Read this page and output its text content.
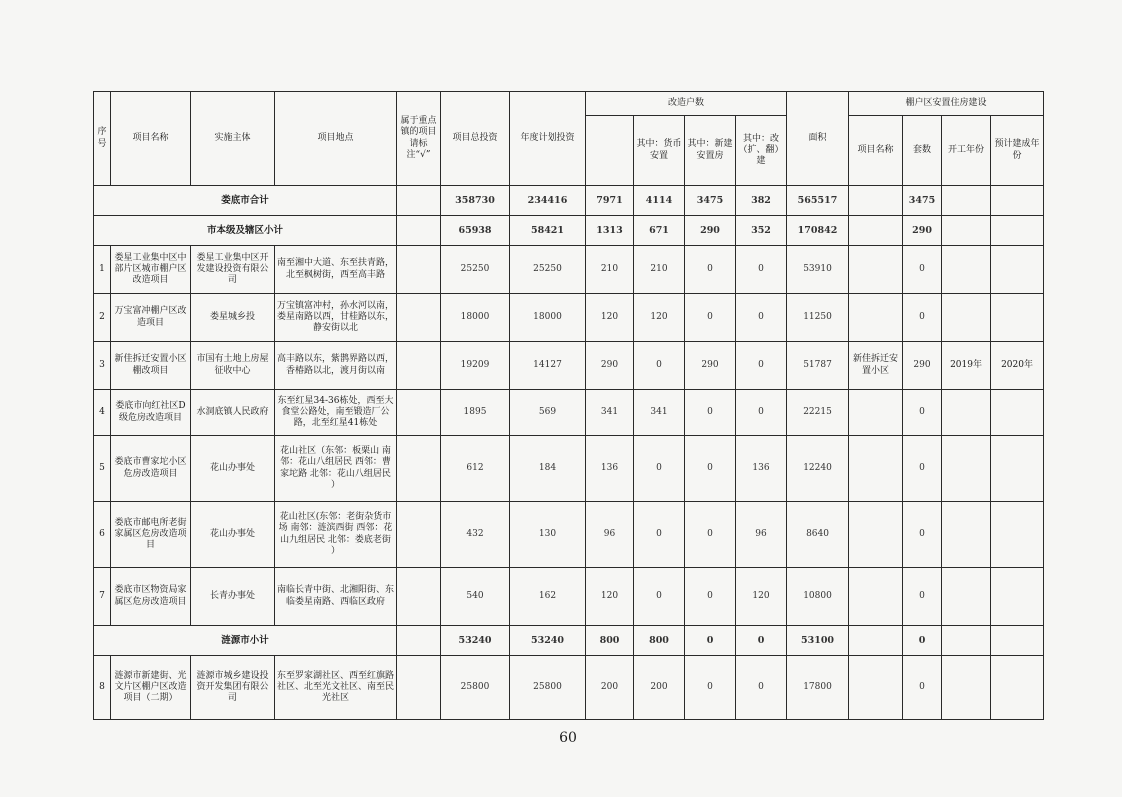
序号	项目名称	实施主体	项目地点	属于重点镇的项目请标注“√”	项目总投资	年度计划投资	改造户数				面积	棚户区安置住房建设			
								其中：货币安置	其中：新建安置房	其中：改（扩、翻）建		项目名称	套数	开工年份	预计建成年份
娄底市合计					358730	234416	7971	4114	3475	382	565517		3475		
市本级及辖区小计					65938	58421	1313	671	290	352	170842		290		
1	娄星工业集中区中部片区城市棚户区改造项目	娄星工业集中区开发建设投资有限公司	南至湘中大道、东至扶青路，北至枫树街，西至高丰路		25250	25250	210	210	0	0	53910		0		
2	万宝富冲棚户区改造项目	娄星城乡投	万宝镇富冲村，孙水河以南，娄星南路以西，甘桂路以东，静安街以北		18000	18000	120	120	0	0	11250		0		
3	新佳拆迁安置小区棚改项目	市国有土地上房屋征收中心	高丰路以东，紫鹊界路以西，香椿路以北，渡月街以南		19209	14127	290	0	290	0	51787	新佳拆迁安置小区	290	2019年	2020年
4	娄底市向红社区D级危房改造项目	水洞底镇人民政府	东至红星34-36栋处，西至大食堂公路处，南至锻造厂公路，北至红星41栋处		1895	569	341	341	0	0	22215		0		
5	娄底市曹家坨小区危房改造项目	花山办事处	花山社区（东邻：板栗山 南邻：花山八组居民 西邻：曹家坨路 北邻：花山八组居民 ）		612	184	136	0	0	136	12240		0		
6	娄底市邮电所老街家属区危房改造项目	花山办事处	花山社区(东邻：老街杂货市场 南邻：涟滨西街 西邻：花山九组居民 北邻：娄底老街 ）		432	130	96	0	0	96	8640		0		
7	娄底市区物资局家属区危房改造项目	长青办事处	南临长青中街、北湘阳街、东临娄星南路、西临区政府		540	162	120	0	0	120	10800		0		
涟源市小计					53240	53240	800	800	0	0	53100		0		
8	涟源市新建街、光文片区棚户区改造项目（二期）	涟源市城乡建设投资开发集团有限公司	东至罗家湖社区、西至红旗路社区、北至光文社区、南至民光社区		25800	25800	200	200	0	0	17800		0		
60
